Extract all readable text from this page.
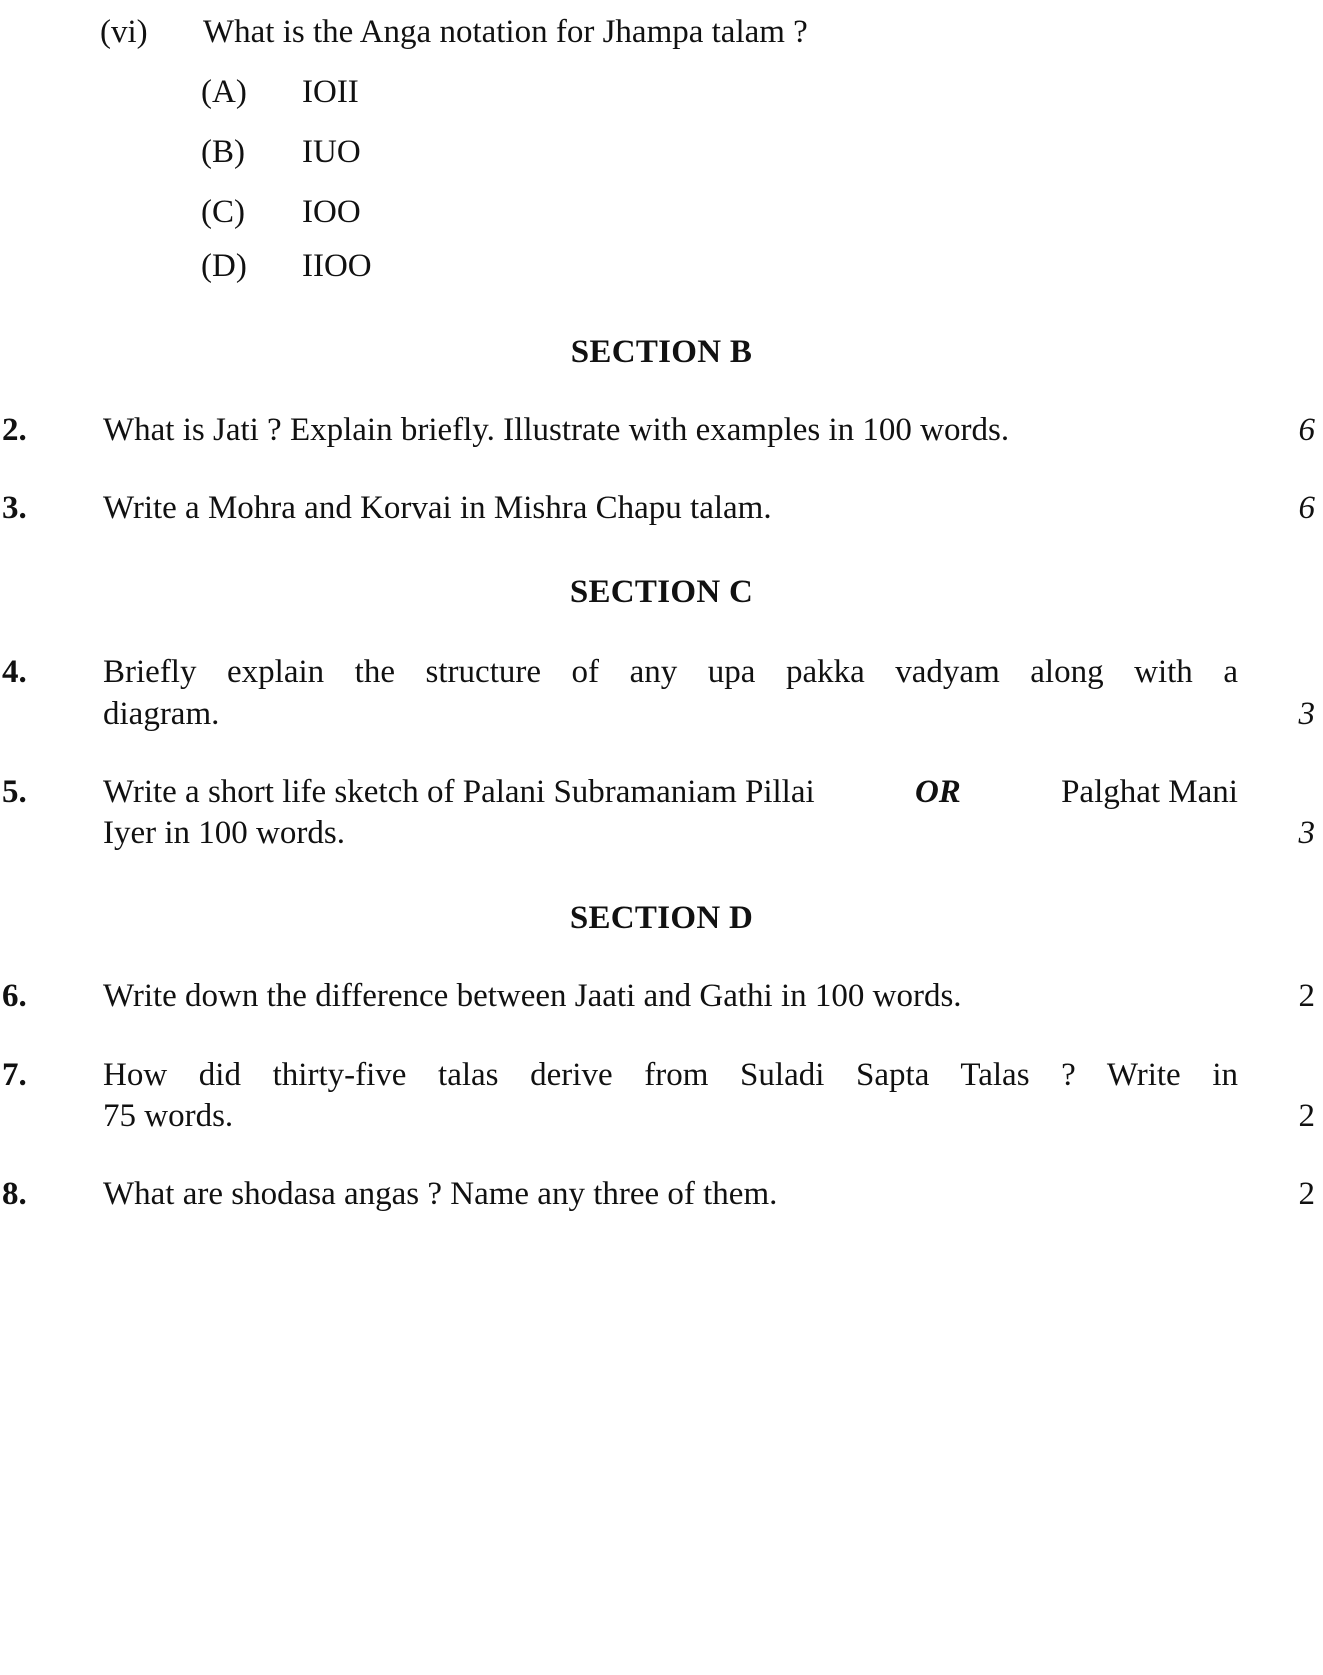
(vi) What is the Anga notation for Jhampa talam ?
(A) IOII
(B) IUO
(C) IOO
(D) IIOO
SECTION B
2. What is Jati ? Explain briefly. Illustrate with examples in 100 words.	6
3. Write a Mohra and Korvai in Mishra Chapu talam.	6
SECTION C
4. Briefly explain the structure of any upa pakka vadyam along with a
diagram.	3
5. Write a short life sketch of Palani Subramaniam Pillai	OR	Palghat Mani
Iyer in 100 words.	3
SECTION D
6. Write down the difference between Jaati and Gathi in 100 words.	2
7. How did thirty-five talas derive from Suladi Sapta Talas ? Write in
75 words.	2
8. What are shodasa angas ? Name any three of them.	2
